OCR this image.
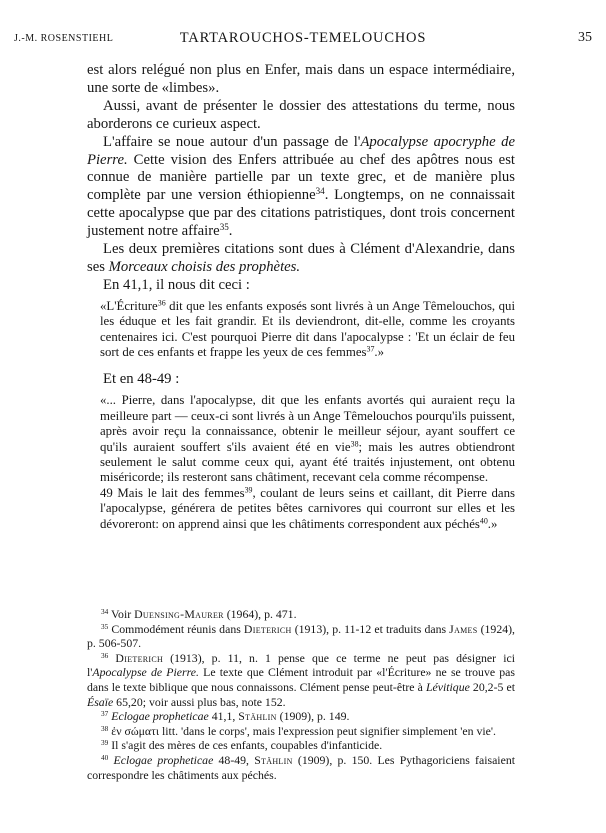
J.-M. ROSENSTIEHL	TARTAROUCHOS-TEMELOUCHOS	35

est alors relégué non plus en Enfer, mais dans un espace intermédiaire, une sorte de «limbes».

Aussi, avant de présenter le dossier des attestations du terme, nous aborderons ce curieux aspect.

L'affaire se noue autour d'un passage de l'Apocalypse apocryphe de Pierre. Cette vision des Enfers attribuée au chef des apôtres nous est connue de manière partielle par un texte grec, et de manière plus complète par une version éthiopienne$^{34}$. Longtemps, on ne connaissait cette apocalypse que par des citations patristiques, dont trois concernent justement notre affaire$^{35}$.

Les deux premières citations sont dues à Clément d'Alexandrie, dans ses Morceaux choisis des prophètes.

En 41,1, il nous dit ceci :

«L'Écriture$^{36}$ dit que les enfants exposés sont livrés à un Ange Têmelouchos, qui les éduque et les fait grandir. Et ils deviendront, dit-elle, comme les croyants centenaires ici. C'est pourquoi Pierre dit dans l'apocalypse : 'Et un éclair de feu sort de ces enfants et frappe les yeux de ces femmes$^{37}$.»

Et en 48-49 :

«... Pierre, dans l'apocalypse, dit que les enfants avortés qui auraient reçu la meilleure part — ceux-ci sont livrés à un Ange Têmelouchos pourqu'ils puissent, après avoir reçu la connaissance, obtenir le meilleur séjour, ayant souffert ce qu'ils auraient souffert s'ils avaient été en vie$^{38}$; mais les autres obtiendront seulement le salut comme ceux qui, ayant été traités injustement, ont obtenu miséricorde; ils resteront sans châtiment, recevant cela comme récompense.

49 Mais le lait des femmes$^{39}$, coulant de leurs seins et caillant, dit Pierre dans l'apocalypse, générera de petites bêtes carnivores qui courront sur elles et les dévoreront: on apprend ainsi que les châtiments correspondent aux péchés$^{40}$.»

$^{34}$ Voir Duensing-Maurer (1964), p. 471.

$^{35}$ Commodément réunis dans Dieterich (1913), p. 11-12 et traduits dans James (1924), p. 506-507.

$^{36}$ Dieterich (1913), p. 11, n. 1 pense que ce terme ne peut pas désigner ici l'Apocalypse de Pierre. Le texte que Clément introduit par «l'Écriture» ne se trouve pas dans le texte biblique que nous connaissons. Clément pense peut-être à Lévitique 20,2-5 et Ésaïe 65,20; voir aussi plus bas, note 152.

$^{37}$ Eclogae propheticae 41,1, Stählin (1909), p. 149.

$^{38}$ ἐν σώματι litt. 'dans le corps', mais l'expression peut signifier simplement 'en vie'.

$^{39}$ Il s'agit des mères de ces enfants, coupables d'infanticide.

$^{40}$ Eclogae propheticae 48-49, Stählin (1909), p. 150. Les Pythagoriciens faisaient correspondre les châtiments aux péchés.
